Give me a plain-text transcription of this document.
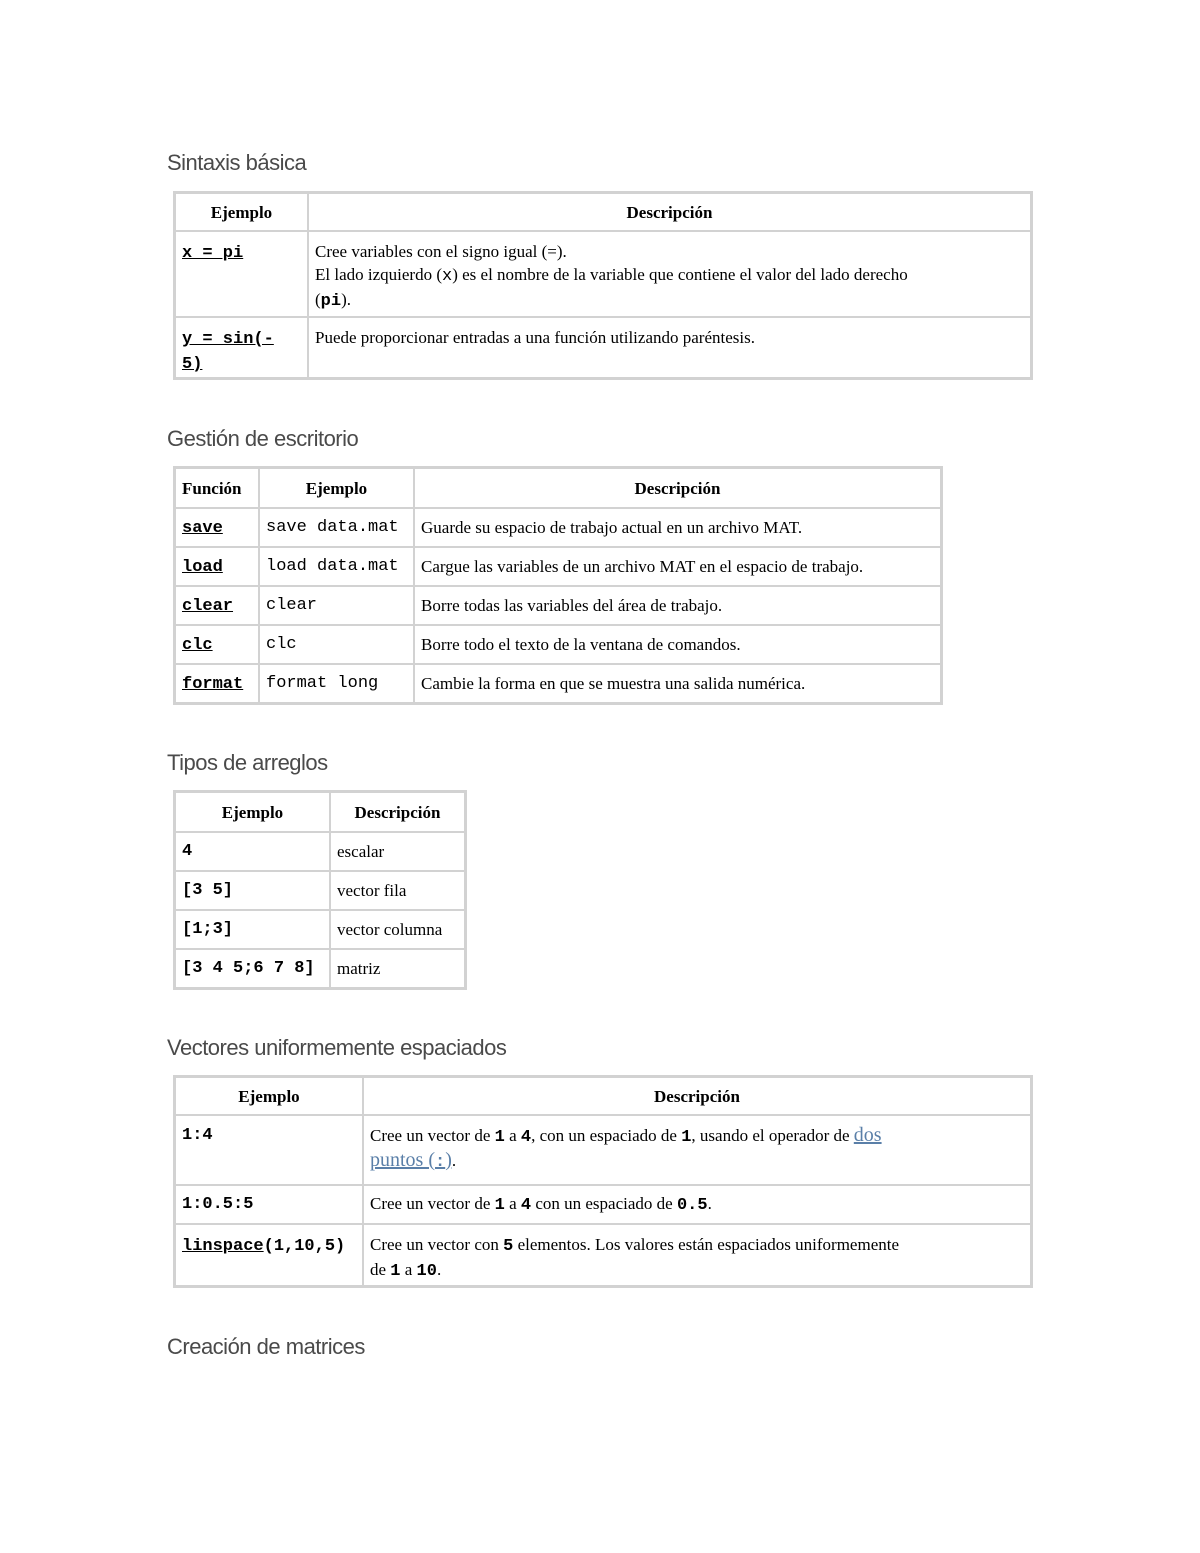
Sintaxis básica
Ejemplo	Descripción
x = pi	Cree variables con el signo igual (=).
El lado izquierdo (x) es el nombre de la variable que contiene el valor del lado derecho
(pi).

y = sin(-
5)	Puede proporcionar entradas a una función utilizando paréntesis.
Gestión de escritorio
Función	Ejemplo	Descripción
save	save data.mat	Guarde su espacio de trabajo actual en un archivo MAT.
load	load data.mat	Cargue las variables de un archivo MAT en el espacio de trabajo.
clear	clear	Borre todas las variables del área de trabajo.
clc	clc	Borre todo el texto de la ventana de comandos.
format	format long	Cambie la forma en que se muestra una salida numérica.
Tipos de arreglos
Ejemplo	Descripción
4	escalar
[3 5]	vector fila
[1;3]	vector columna
[3 4 5;6 7 8]	matriz
Vectores uniformemente espaciados
Ejemplo	Descripción
1:4	Cree un vector de 1 a 4, con un espaciado de 1, usando el operador de dos
puntos (:).
1:0.5:5	Cree un vector de 1 a 4 con un espaciado de 0.5.
linspace(1,10,5)	Cree un vector con 5 elementos. Los valores están espaciados uniformemente
de 1 a 10.
Creación de matrices
